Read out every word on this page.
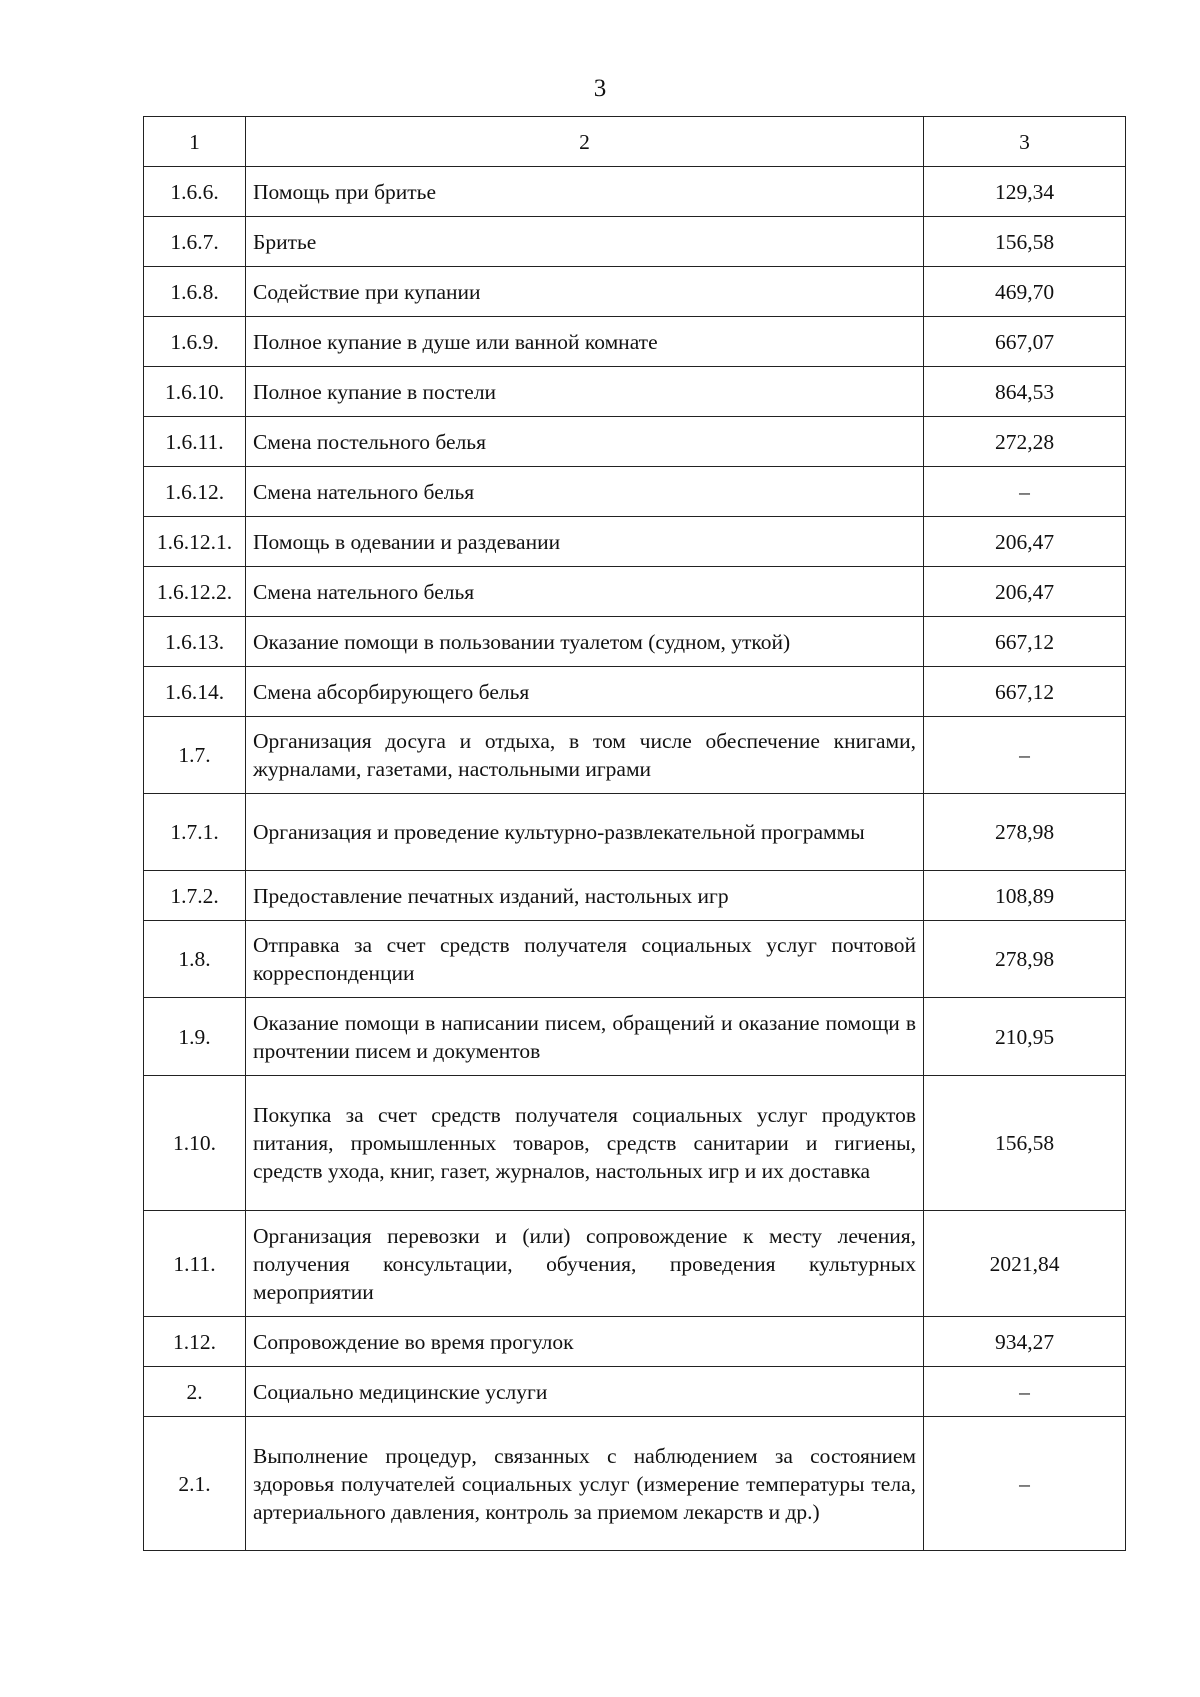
3
1	2	3
1.6.6.	Помощь при бритье	129,34
1.6.7.	Бритье	156,58
1.6.8.	Содействие при купании	469,70
1.6.9.	Полное купание в душе или ванной комнате	667,07
1.6.10.	Полное купание в постели	864,53
1.6.11.	Смена постельного белья	272,28
1.6.12.	Смена нательного белья	–
1.6.12.1.	Помощь в одевании и раздевании	206,47
1.6.12.2.	Смена нательного белья	206,47
1.6.13.	Оказание помощи в пользовании туалетом (судном, уткой)	667,12
1.6.14.	Смена абсорбирующего белья	667,12
1.7.	Организация досуга и отдыха, в том числе обеспечение книгами, журналами, газетами, настольными играми	–
1.7.1.	Организация и проведение культурно-развлекательной программы	278,98
1.7.2.	Предоставление печатных изданий, настольных игр	108,89
1.8.	Отправка за счет средств получателя социальных услуг почтовой корреспонденции	278,98
1.9.	Оказание помощи в написании писем, обращений и оказание помощи в прочтении писем и документов	210,95
1.10.	Покупка за счет средств получателя социальных услуг продуктов питания, промышленных товаров, средств санитарии и гигиены, средств ухода, книг, газет, журналов, настольных игр и их доставка	156,58
1.11.	Организация перевозки и (или) сопровождение к месту лечения, получения консультации, обучения, проведения культурных мероприятии	2021,84
1.12.	Сопровождение во время прогулок	934,27
2.	Социально медицинские услуги	–
2.1.	Выполнение процедур, связанных с наблюдением за состоянием здоровья получателей социальных услуг (измерение температуры тела, артериального давления, контроль за приемом лекарств и др.)	–
